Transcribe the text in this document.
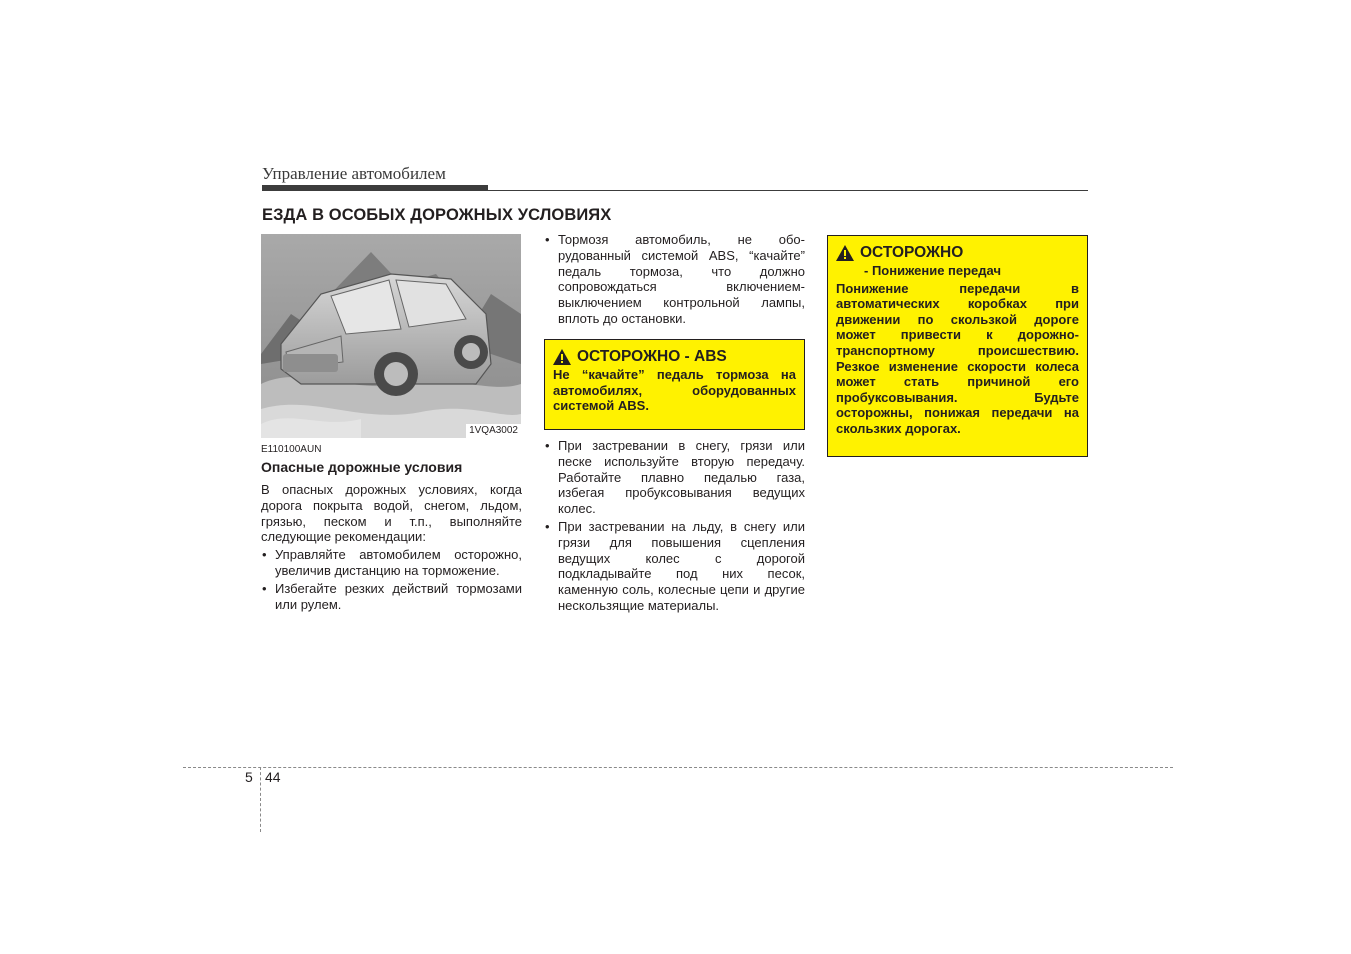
Управление автомобилем
ЕЗДА В ОСОБЫХ ДОРОЖНЫХ УСЛОВИЯХ
1VQA3002
E110100AUN
Опасные дорожные условия

В опасных дорожных условиях, когда дорога покрыта водой, снегом, льдом, грязью, песком и т.п., выполняйте следующие рекомендации:

• Управляйте автомобилем осторожно, увеличив дистанцию на торможение.
• Избегайте резких действий тормозами или рулем.
• Тормозя автомобиль, не обо-рудованный системой ABS, “качайте” педаль тормоза, что должно сопровождаться включением-выключением контрольной лампы, вплоть до остановки.
ОСТОРОЖНО - ABS
Не “качайте” педаль тормоза на автомобилях, оборудованных системой ABS.
• При застревании в снегу, грязи или песке используйте вторую передачу. Работайте плавно педалью газа, избегая пробуксовывания ведущих колес.
• При застревании на льду, в снегу или грязи для повышения сцепления ведущих колес с дорогой подкладывайте под них песок, каменную соль, колесные цепи и другие нескользящие материалы.
ОСТОРОЖНО
- Понижение передач
Понижение передачи в автоматических коробках при движении по скользкой дороге может привести к дорожно-транспортному происшествию. Резкое изменение скорости колеса может стать причиной его пробуксовывания. Будьте осторожны, понижая передачи на скользких дорогах.
5 44
